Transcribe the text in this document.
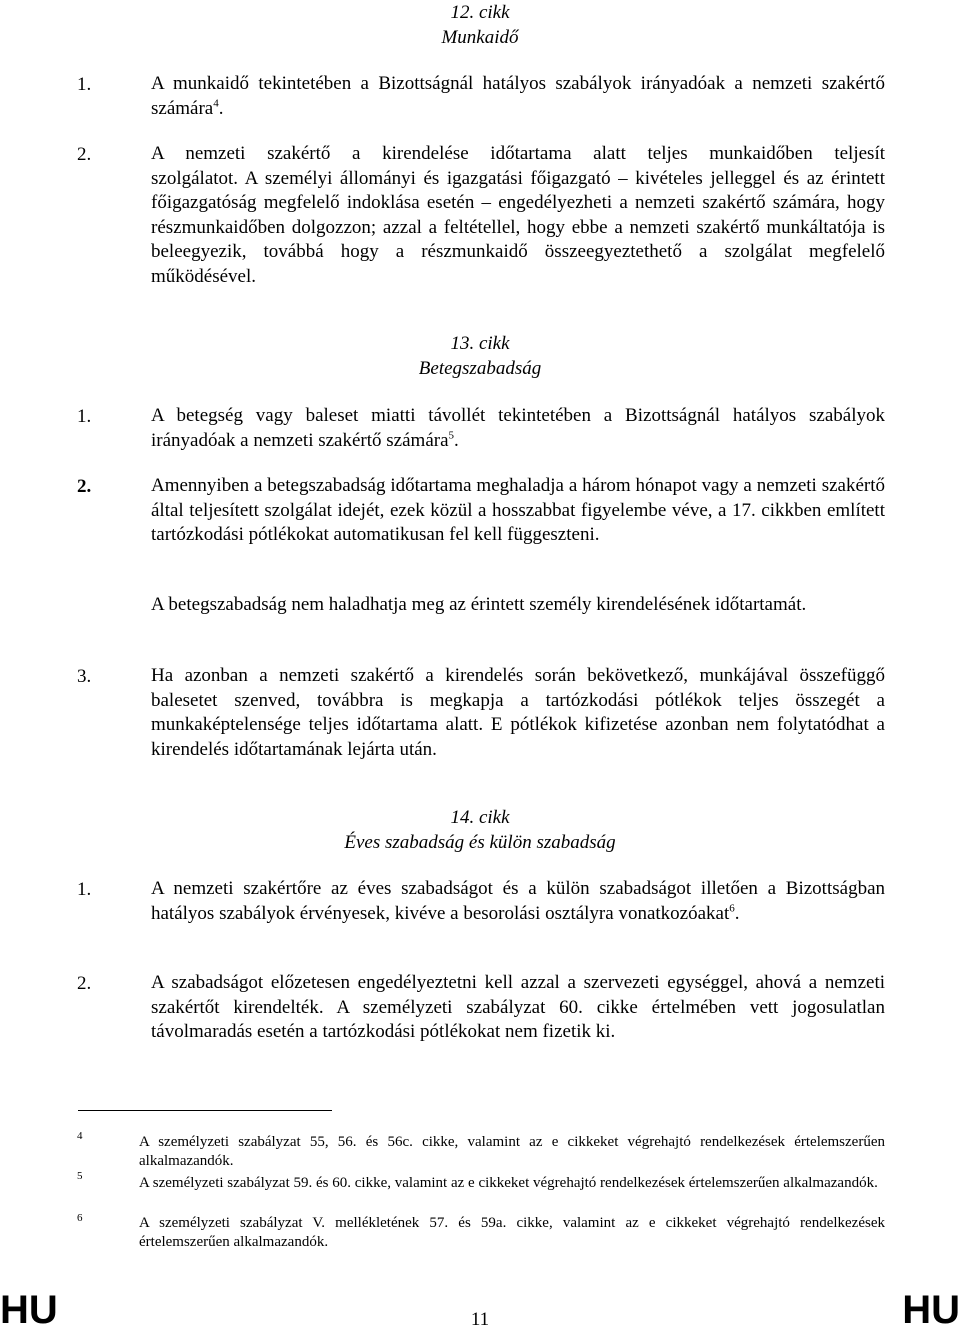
12. cikk
Munkaidő
1.	A munkaidő tekintetében a Bizottságnál hatályos szabályok irányadóak a nemzeti szakértő számára$^4$.
2.	A nemzeti szakértő a kirendelése időtartama alatt teljes munkaidőben teljesít
szolgálatot. A személyi állományi és igazgatási főigazgató – kivételes jelleggel és az érintett főigazgatóság megfelelő indoklása esetén – engedélyezheti a nemzeti szakértő számára, hogy részmunkaidőben dolgozzon; azzal a feltétellel, hogy ebbe a nemzeti szakértő munkáltatója is beleegyezik, továbbá hogy a részmunkaidő összeegyeztethető a szolgálat megfelelő működésével.
13. cikk
Betegszabadság
1.	A betegség vagy baleset miatti távollét tekintetében a Bizottságnál hatályos szabályok irányadóak a nemzeti szakértő számára$^5$.
2.	Amennyiben a betegszabadság időtartama meghaladja a három hónapot vagy a nemzeti szakértő által teljesített szolgálat idejét, ezek közül a hosszabbat figyelembe véve, a 17. cikkben említett tartózkodási pótlékokat automatikusan fel kell függeszteni.
A betegszabadság nem haladhatja meg az érintett személy kirendelésének időtartamát.
3.	Ha azonban a nemzeti szakértő a kirendelés során bekövetkező, munkájával összefüggő balesetet szenved, továbbra is megkapja a tartózkodási pótlékok teljes összegét a munkaképtelensége teljes időtartama alatt. E pótlékok kifizetése azonban nem folytatódhat a kirendelés időtartamának lejárta után.
14. cikk
Éves szabadság és külön szabadság
1.	A nemzeti szakértőre az éves szabadságot és a külön szabadságot illetően a Bizottságban hatályos szabályok érvényesek, kivéve a besorolási osztályra vonatkozóakat$^6$.
2.	A szabadságot előzetesen engedélyeztetni kell azzal a szervezeti egységgel, ahová a nemzeti szakértőt kirendelték. A személyzeti szabályzat 60. cikke értelmében vett jogosulatlan távolmaradás esetén a tartózkodási pótlékokat nem fizetik ki.
4	A személyzeti szabályzat 55, 56. és 56c. cikke, valamint az e cikkeket végrehajtó rendelkezések értelemszerűen alkalmazandók.
5	A személyzeti szabályzat 59. és 60. cikke, valamint az e cikkeket végrehajtó rendelkezések értelemszerűen alkalmazandók.
6	A személyzeti szabályzat V. mellékletének 57. és 59a. cikke, valamint az e cikkeket végrehajtó rendelkezések értelemszerűen alkalmazandók.
HU	11	HU
